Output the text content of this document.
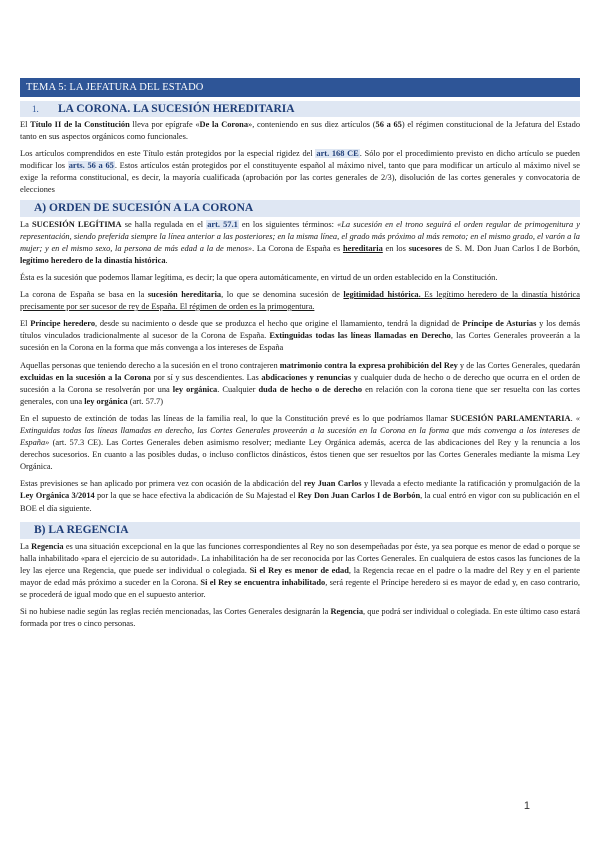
TEMA 5: LA JEFATURA DEL ESTADO
1. LA CORONA. LA SUCESIÓN HEREDITARIA

El Título II de la Constitución lleva por epígrafe «De la Corona», conteniendo en sus diez artículos (56 a 65) el régimen constitucional de la Jefatura del Estado tanto en sus aspectos orgánicos como funcionales.

Los artículos comprendidos en este Título están protegidos por la especial rigidez del art. 168 CE. Sólo por el procedimiento previsto en dicho artículo se pueden modificar los arts. 56 a 65. Estos artículos están protegidos por el constituyente español al máximo nivel, tanto que para modificar un artículo al máximo nivel se exige la reforma constitucional, es decir, la mayoría cualificada (aprobación por las cortes generales de 2/3), disolución de las cortes generales y convocatoria de elecciones

A) ORDEN DE SUCESIÓN A LA CORONA

La SUCESIÓN LEGÍTIMA se halla regulada en el art. 57.1 en los siguientes términos: «La sucesión en el trono seguirá el orden regular de primogenitura y representación, siendo preferida siempre la línea anterior a las posteriores; en la misma línea, el grado más próximo al más remoto; en el mismo grado, el varón a la mujer; y en el mismo sexo, la persona de más edad a la de menos». La Corona de España es hereditaria en los sucesores de S. M. Don Juan Carlos I de Borbón, legítimo heredero de la dinastía histórica.

Ésta es la sucesión que podemos llamar legítima, es decir; la que opera automáticamente, en virtud de un orden establecido en la Constitución.

La corona de España se basa en la sucesión hereditaria, lo que se denomina sucesión de legitimidad histórica. Es legítimo heredero de la dinastía histórica precisamente por ser sucesor de rey de España. El régimen de orden es la primogentura.

El Príncipe heredero, desde su nacimiento o desde que se produzca el hecho que origine el llamamiento, tendrá la dignidad de Príncipe de Asturias y los demás títulos vinculados tradicionalmente al sucesor de la Corona de España. Extinguidas todas las líneas llamadas en Derecho, las Cortes Generales proveerán a la sucesión en la Corona en la forma que más convenga a los intereses de España

Aquellas personas que teniendo derecho a la sucesión en el trono contrajeren matrimonio contra la expresa prohibición del Rey y de las Cortes Generales, quedarán excluidas en la sucesión a la Corona por sí y sus descendientes. Las abdicaciones y renuncias y cualquier duda de hecho o de derecho que ocurra en el orden de sucesión a la Corona se resolverán por una ley orgánica. Cualquier duda de hecho o de derecho en relación con la corona tiene que ser resuelta con las cortes generales, con una ley orgánica (art. 57.7)

En el supuesto de extinción de todas las líneas de la familia real, lo que la Constitución prevé es lo que podríamos llamar SUCESIÓN PARLAMENTARIA. « Extinguidas todas las líneas llamadas en derecho, las Cortes Generales proveerán a la sucesión en la Corona en la forma que más convenga a los intereses de España» (art. 57.3 CE). Las Cortes Generales deben asimismo resolver; mediante Ley Orgánica además, acerca de las abdicaciones del Rey y la renuncia a los derechos sucesorios. En cuanto a las posibles dudas, o incluso conflictos dinásticos, éstos tienen que ser resueltos por las Cortes Generales mediante la misma Ley Orgánica.

Estas previsiones se han aplicado por primera vez con ocasión de la abdicación del rey Juan Carlos y llevada a efecto mediante la ratificación y promulgación de la Ley Orgánica 3/2014 por la que se hace efectiva la abdicación de Su Majestad el Rey Don Juan Carlos I de Borbón, la cual entró en vigor con su publicación en el BOE el día siguiente.

B) LA REGENCIA

La Regencia es una situación excepcional en la que las funciones correspondientes al Rey no son desempeñadas por éste, ya sea porque es menor de edad o porque se halla inhabilitado «para el ejercicio de su autoridad». La inhabilitación ha de ser reconocida por las Cortes Generales. En cualquiera de estos casos las funciones de la ley las ejerce una Regencia, que puede ser individual o colegiada. Si el Rey es menor de edad, la Regencia recae en el padre o la madre del Rey y en el pariente mayor de edad más próximo a suceder en la Corona. Si el Rey se encuentra inhabilitado, será regente el Príncipe heredero si es mayor de edad y, en caso contrario, se procederá de igual modo que en el supuesto anterior.

Si no hubiese nadie según las reglas recién mencionadas, las Cortes Generales designarán la Regencia, que podrá ser individual o colegiada. En este último caso estará formada por tres o cinco personas.

1
